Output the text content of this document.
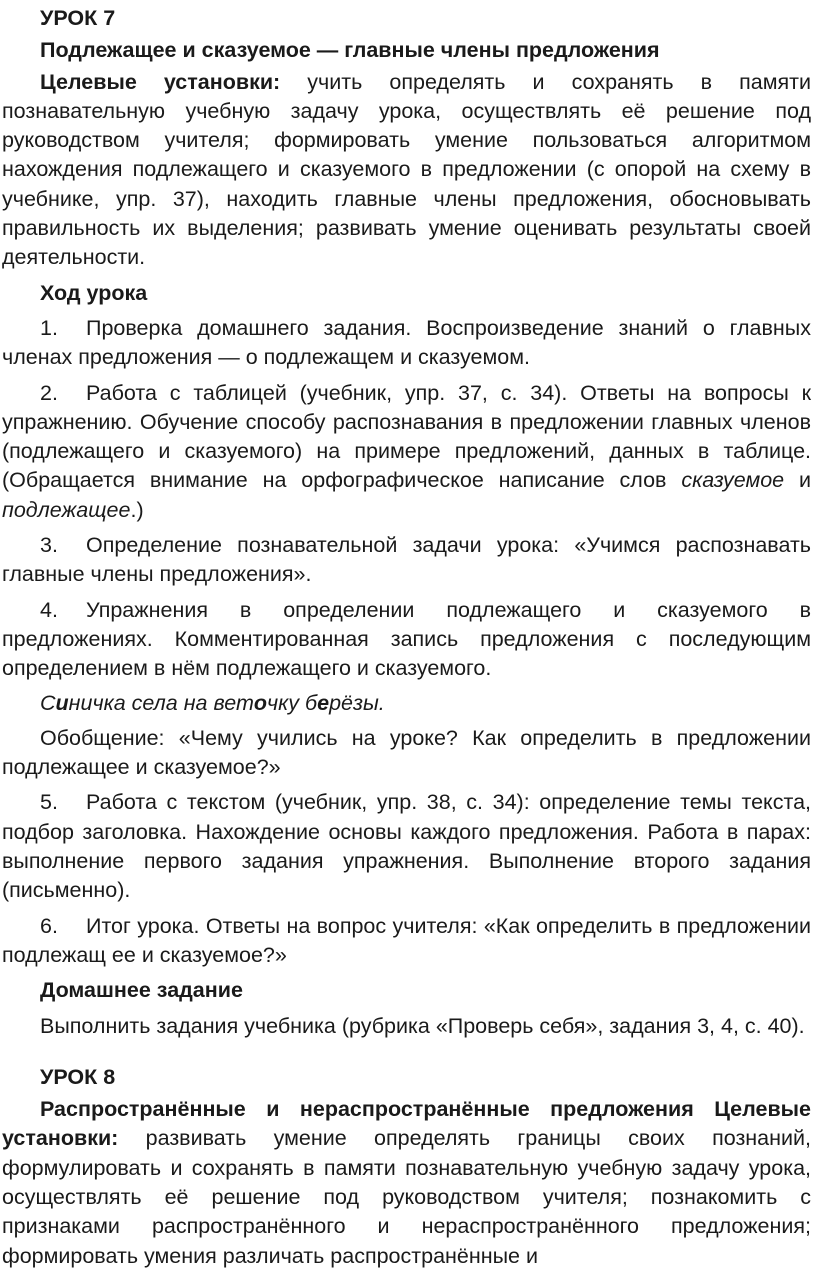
УРОК 7

Подлежащее и сказуемое — главные члены предложения

Целевые установки: учить определять и сохранять в памяти познавательную учебную задачу урока, осуществлять её решение под руководством учителя; формировать умение пользоваться алгоритмом нахождения подлежащего и сказуемого в предложении (с опорой на схему в учебнике, упр. 37), находить главные члены предложения, обосновывать правильность их выделения; развивать умение оценивать результаты своей деятельности.

Ход урока

1. Проверка домашнего задания. Воспроизведение знаний о главных членах предложения — о подлежащем и сказуемом.

2. Работа с таблицей (учебник, упр. 37, с. 34). Ответы на вопросы к упражнению. Обучение способу распознавания в предложении главных членов (подлежащего и сказуемого) на примере предложений, данных в таблице. (Обращается внимание на орфографическое написание слов сказуемое и подлежащее.)

3. Определение познавательной задачи урока: «Учимся распознавать главные члены предложения».

4. Упражнения в определении подлежащего и сказуемого в предложениях. Комментированная запись предложения с последующим определением в нём подлежащего и сказуемого.

Синичка села на веточку берёзы.

Обобщение: «Чему учились на уроке? Как определить в предложении подлежащее и сказуемое?»

5. Работа с текстом (учебник, упр. 38, с. 34): определение темы текста, подбор заголовка. Нахождение основы каждого предложения. Работа в парах: выполнение первого задания упражнения. Выполнение второго задания (письменно).

6. Итог урока. Ответы на вопрос учителя: «Как определить в предложении подлежащ ее и сказуемое?»

Домашнее задание

Выполнить задания учебника (рубрика «Проверь себя», задания 3, 4, с. 40).

УРОК 8

Распространённые и нераспространённые предложения Целевые установки: развивать умение определять границы своих познаний, формулировать и сохранять в памяти познавательную учебную задачу урока, осуществлять её решение под руководством учителя; познакомить с признаками распространённого и нераспространённого предложения; формировать умения различать распространённые и
